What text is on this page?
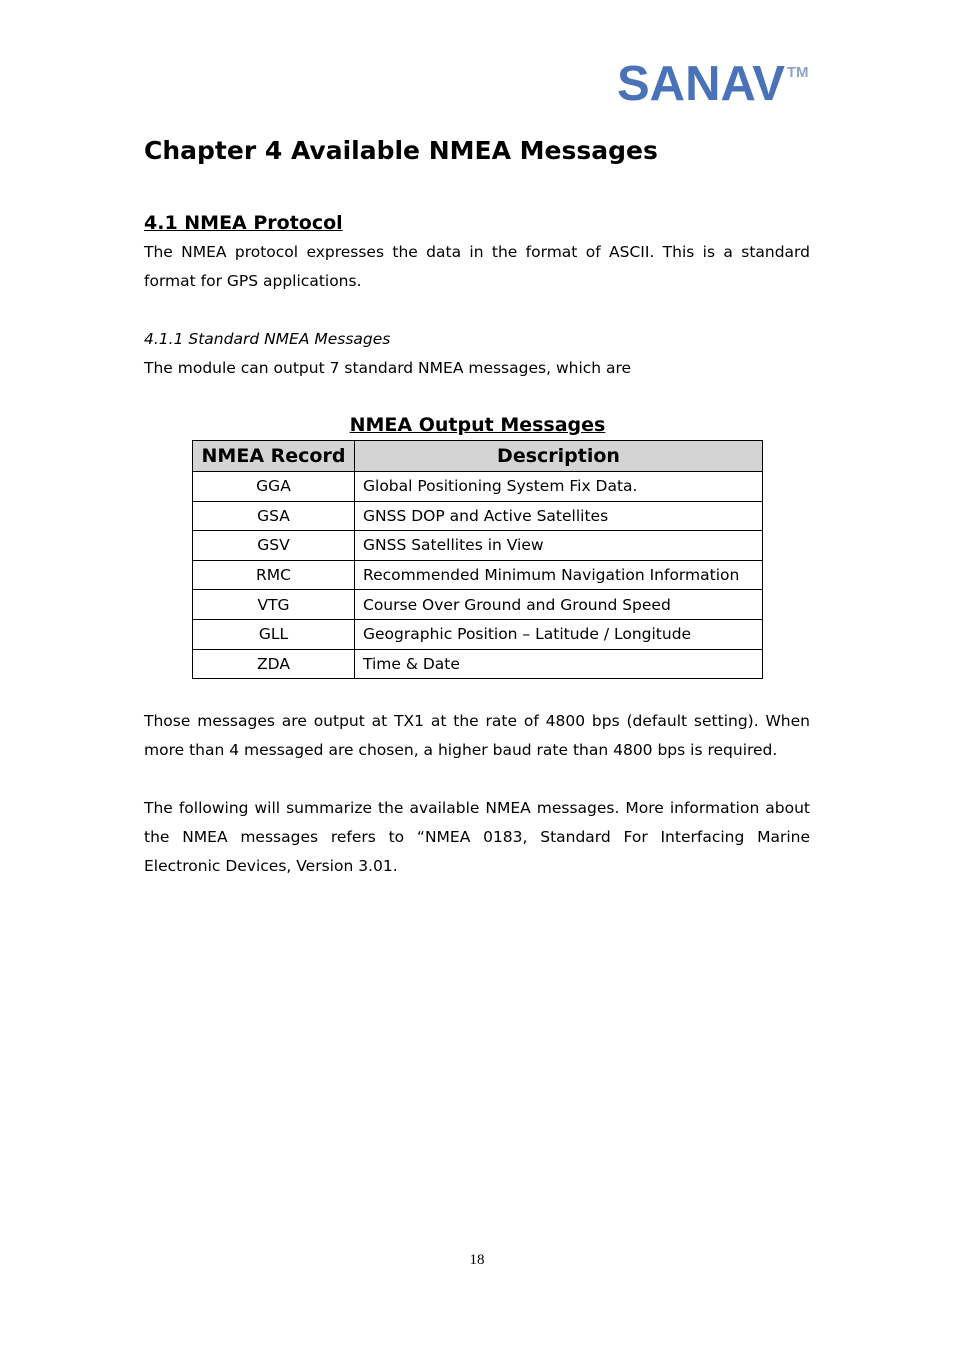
SANAV ™
Chapter 4 Available NMEA Messages
4.1 NMEA Protocol

The NMEA protocol expresses the data in the format of ASCII. This is a standard format for GPS applications.

4.1.1 Standard NMEA Messages

The module can output 7 standard NMEA messages, which are

NMEA Output Messages

NMEA Record	Description
GGA	Global Positioning System Fix Data.
GSA	GNSS DOP and Active Satellites
GSV	GNSS Satellites in View
RMC	Recommended Minimum Navigation Information
VTG	Course Over Ground and Ground Speed
GLL	Geographic Position – Latitude / Longitude
ZDA	Time & Date

Those messages are output at TX1 at the rate of 4800 bps (default setting). When more than 4 messaged are chosen, a higher baud rate than 4800 bps is required.

The following will summarize the available NMEA messages. More information about the NMEA messages refers to “NMEA 0183, Standard For Interfacing Marine Electronic Devices, Version 3.01.

18
